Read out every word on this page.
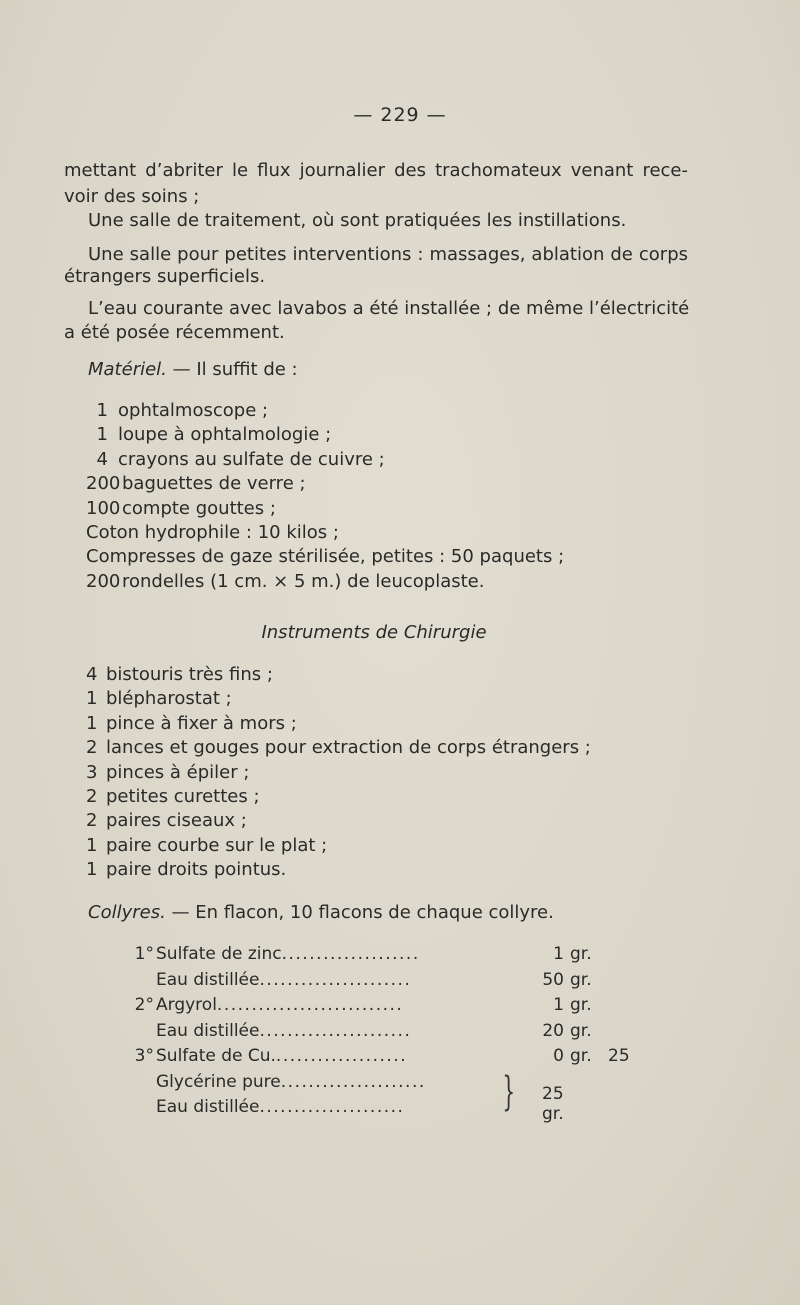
— 229 —
mettant d’abriter le flux journalier des trachomateux venant rece-
voir des soins ;
Une salle de traitement, où sont pratiquées les instillations.
Une salle pour petites interventions : massages, ablation de corps
étrangers superficiels.
L’eau courante avec lavabos a été installée ; de même l’électricité
a été posée récemment.
Matériel. — Il suffit de :
1 ophtalmoscope ;
1 loupe à ophtalmologie ;
4 crayons au sulfate de cuivre ;
200 baguettes de verre ;
100 compte gouttes ;
Coton hydrophile : 10 kilos ;
Compresses de gaze stérilisée, petites : 50 paquets ;
200 rondelles (1 cm. × 5 m.) de leucoplaste.
Instruments de Chirurgie
4 bistouris très fins ;
1 blépharostat ;
1 pince à fixer à mors ;
2 lances et gouges pour extraction de corps étrangers ;
3 pinces à épiler ;
2 petites curettes ;
2 paires ciseaux ;
1 paire courbe sur le plat ;
1 paire droits pointus.
Collyres. — En flacon, 10 flacons de chaque collyre.
1° Sulfate de zinc....................	1 gr.
Eau distillée......................	50 gr.
2° Argyrol...........................	1 gr.
Eau distillée......................	20 gr.
3° Sulfate de Cu....................	0 gr. 25
Glycérine pure.....................
Eau distillée.....................	} 25 gr.
